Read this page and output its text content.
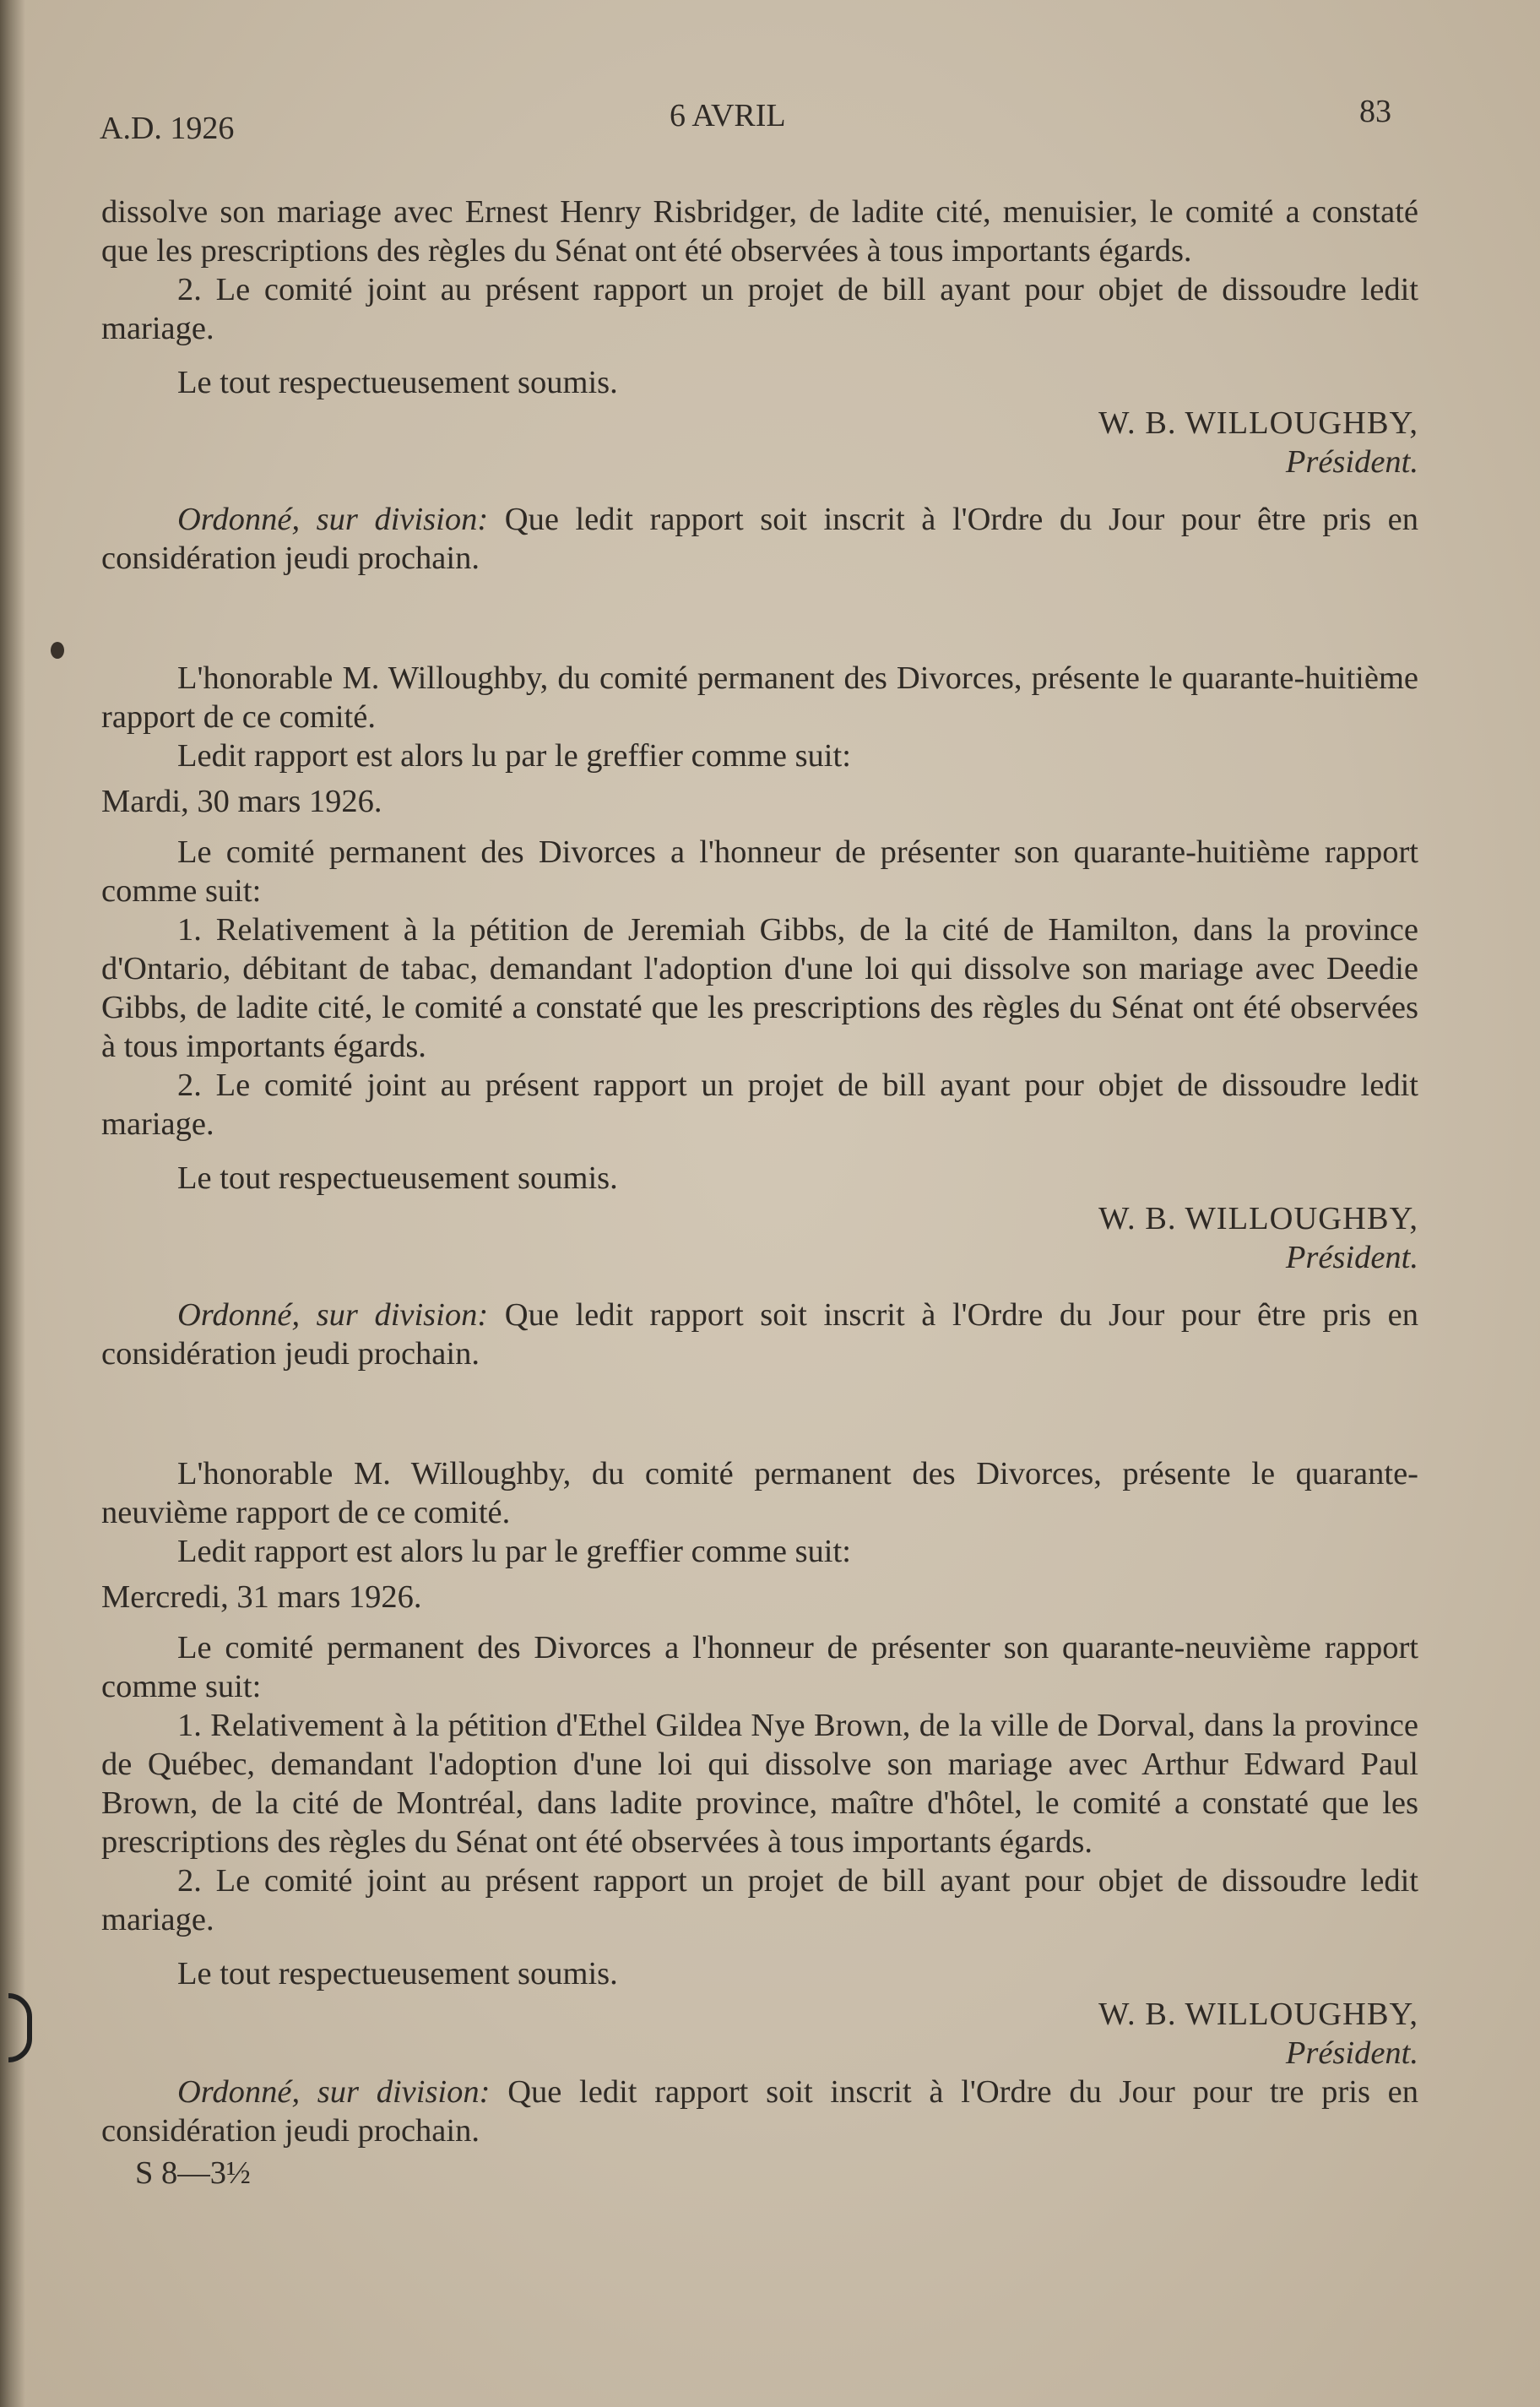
A.D. 1926	6 AVRIL	83

dissolve son mariage avec Ernest Henry Risbridger, de ladite cité, menuisier, le comité a constaté que les prescriptions des règles du Sénat ont été observées à tous importants égards.

2. Le comité joint au présent rapport un projet de bill ayant pour objet de dissoudre ledit mariage.

Le tout respectueusement soumis.

W. B. WILLOUGHBY,
Président.

Ordonné, sur division: Que ledit rapport soit inscrit à l'Ordre du Jour pour être pris en considération jeudi prochain.

L'honorable M. Willoughby, du comité permanent des Divorces, présente le quarante-huitième rapport de ce comité.

Ledit rapport est alors lu par le greffier comme suit:

Mardi, 30 mars 1926.

Le comité permanent des Divorces a l'honneur de présenter son quarante-huitième rapport comme suit:

1. Relativement à la pétition de Jeremiah Gibbs, de la cité de Hamilton, dans la province d'Ontario, débitant de tabac, demandant l'adoption d'une loi qui dissolve son mariage avec Deedie Gibbs, de ladite cité, le comité a constaté que les prescriptions des règles du Sénat ont été observées à tous importants égards.

2. Le comité joint au présent rapport un projet de bill ayant pour objet de dissoudre ledit mariage.

Le tout respectueusement soumis.

W. B. WILLOUGHBY,
Président.

Ordonné, sur division: Que ledit rapport soit inscrit à l'Ordre du Jour pour être pris en considération jeudi prochain.

L'honorable M. Willoughby, du comité permanent des Divorces, présente le quarante-neuvième rapport de ce comité.

Ledit rapport est alors lu par le greffier comme suit:

Mercredi, 31 mars 1926.

Le comité permanent des Divorces a l'honneur de présenter son quarante-neuvième rapport comme suit:

1. Relativement à la pétition d'Ethel Gildea Nye Brown, de la ville de Dorval, dans la province de Québec, demandant l'adoption d'une loi qui dissolve son mariage avec Arthur Edward Paul Brown, de la cité de Montréal, dans ladite province, maître d'hôtel, le comité a constaté que les prescriptions des règles du Sénat ont été observées à tous importants égards.

2. Le comité joint au présent rapport un projet de bill ayant pour objet de dissoudre ledit mariage.

Le tout respectueusement soumis.

W. B. WILLOUGHBY,
Président.

Ordonné, sur division: Que ledit rapport soit inscrit à l'Ordre du Jour pour tre pris en considération jeudi prochain.

S 8—3½
